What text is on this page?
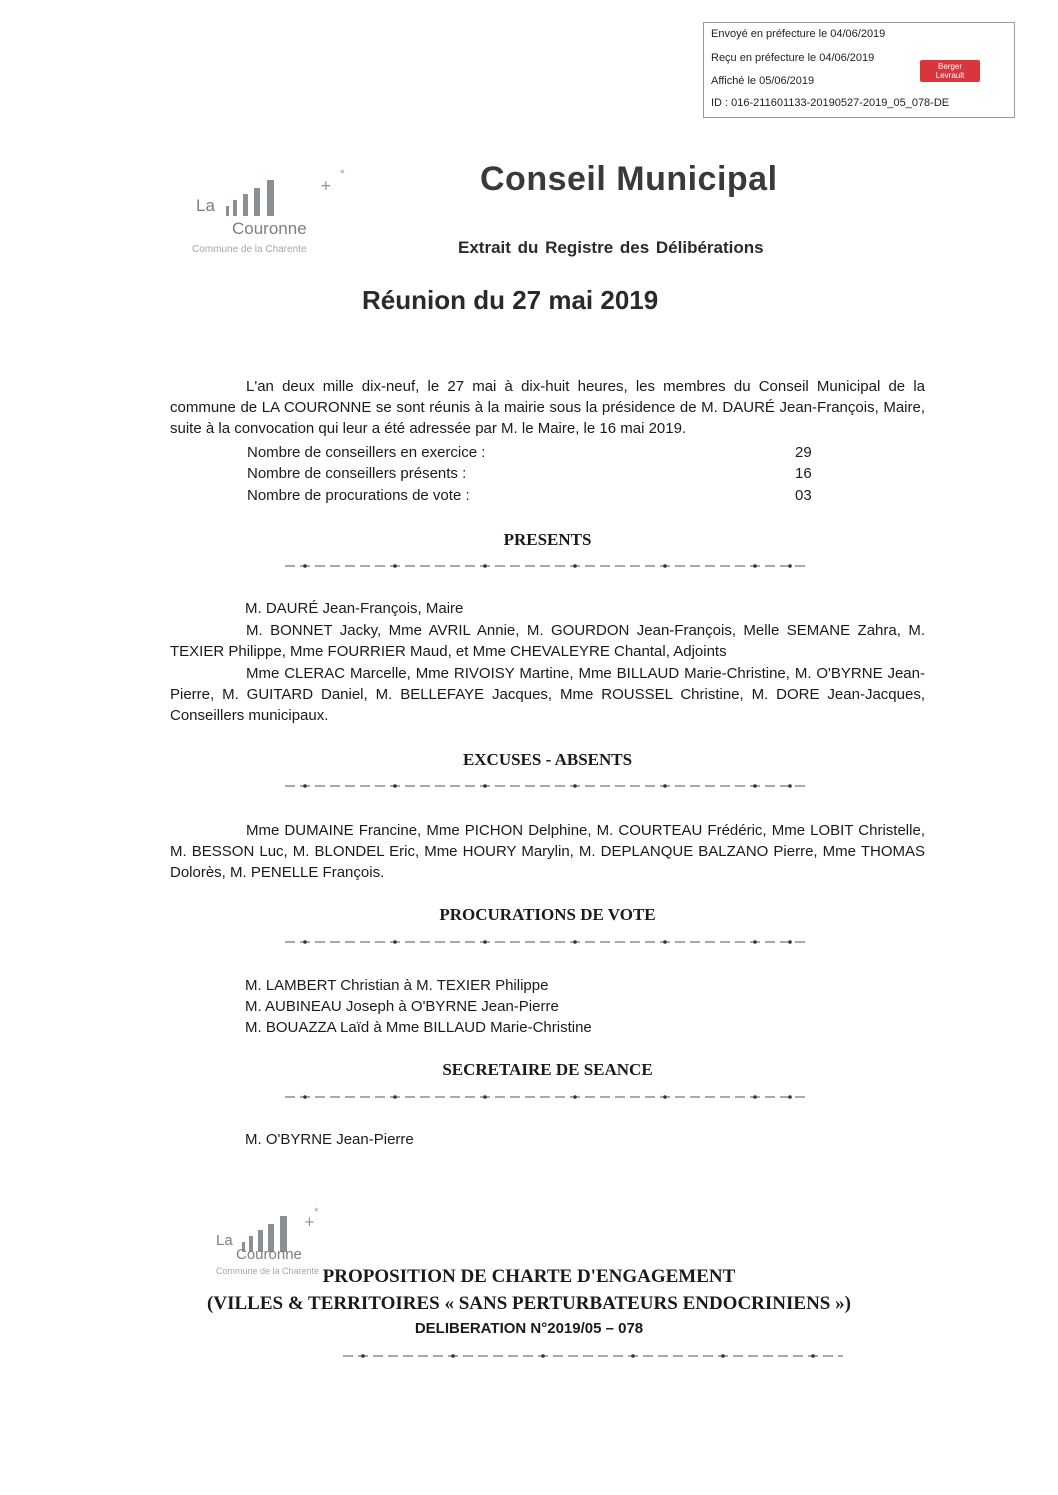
Envoyé en préfecture le 04/06/2019
Reçu en préfecture le 04/06/2019
Affiché le 05/06/2019
ID : 016-211601133-20190527-2019_05_078-DE
Berger
Levrault
+
*
La
Couronne
Commune de la Charente
Conseil Municipal
Extrait du Registre des Délibérations
Réunion du 27 mai 2019
L'an deux mille dix-neuf, le 27 mai à dix-huit heures, les membres du Conseil Municipal de la commune de LA COURONNE se sont réunis à la mairie sous la présidence de M. DAURÉ Jean-François, Maire, suite à la convocation qui leur a été adressée par M. le Maire, le 16 mai 2019.
Nombre de conseillers en exercice :	29
Nombre de conseillers présents :	16
Nombre de procurations de vote :	03
PRESENTS
M. DAURÉ Jean-François, Maire
M. BONNET Jacky, Mme AVRIL Annie, M. GOURDON Jean-François, Melle SEMANE Zahra, M. TEXIER Philippe, Mme FOURRIER Maud, et Mme CHEVALEYRE Chantal, Adjoints
Mme CLERAC Marcelle, Mme RIVOISY Martine, Mme BILLAUD Marie-Christine, M. O'BYRNE Jean-Pierre, M. GUITARD Daniel, M. BELLEFAYE Jacques, Mme ROUSSEL Christine, M. DORE Jean-Jacques, Conseillers municipaux.
EXCUSES - ABSENTS
Mme DUMAINE Francine, Mme PICHON Delphine, M. COURTEAU Frédéric, Mme LOBIT Christelle, M. BESSON Luc, M. BLONDEL Eric, Mme HOURY Marylin, M. DEPLANQUE BALZANO Pierre, Mme THOMAS Dolorès, M. PENELLE François.
PROCURATIONS DE VOTE
M. LAMBERT Christian à M. TEXIER Philippe
M. AUBINEAU Joseph à O'BYRNE Jean-Pierre
M. BOUAZZA Laïd à Mme BILLAUD Marie-Christine
SECRETAIRE DE SEANCE
M. O'BYRNE Jean-Pierre
+
*
La
Couronne
Commune de la Charente PROPOSITION DE CHARTE D'ENGAGEMENT
(VILLES & TERRITOIRES « SANS PERTURBATEURS ENDOCRINIENS »)
DELIBERATION N°2019/05 – 078
